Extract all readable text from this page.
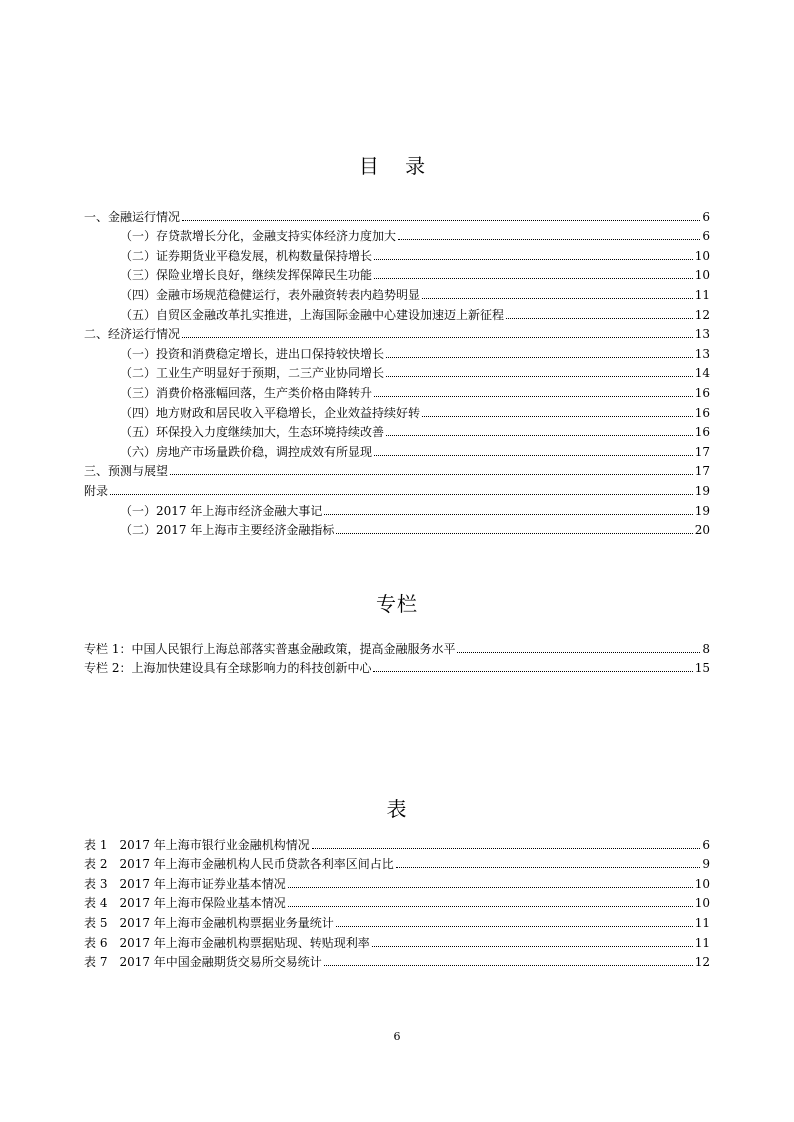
目 录
一、金融运行情况	6
（一）存贷款增长分化，金融支持实体经济力度加大	6
（二）证券期货业平稳发展，机构数量保持增长	10
（三）保险业增长良好，继续发挥保障民生功能	10
（四）金融市场规范稳健运行，表外融资转表内趋势明显	11
（五）自贸区金融改革扎实推进，上海国际金融中心建设加速迈上新征程	12
二、经济运行情况	13
（一）投资和消费稳定增长，进出口保持较快增长	13
（二）工业生产明显好于预期，二三产业协同增长	14
（三）消费价格涨幅回落，生产类价格由降转升	16
（四）地方财政和居民收入平稳增长，企业效益持续好转	16
（五）环保投入力度继续加大，生态环境持续改善	16
（六）房地产市场量跌价稳，调控成效有所显现	17
三、预测与展望	17
附录	19
（一）2017 年上海市经济金融大事记	19
（二）2017 年上海市主要经济金融指标	20
专栏
专栏 1：中国人民银行上海总部落实普惠金融政策，提高金融服务水平	8
专栏 2：上海加快建设具有全球影响力的科技创新中心	15
表
表 1　2017 年上海市银行业金融机构情况	6
表 2　2017 年上海市金融机构人民币贷款各利率区间占比	9
表 3　2017 年上海市证券业基本情况	10
表 4　2017 年上海市保险业基本情况	10
表 5　2017 年上海市金融机构票据业务量统计	11
表 6　2017 年上海市金融机构票据贴现、转贴现利率	11
表 7　2017 年中国金融期货交易所交易统计	12
6
